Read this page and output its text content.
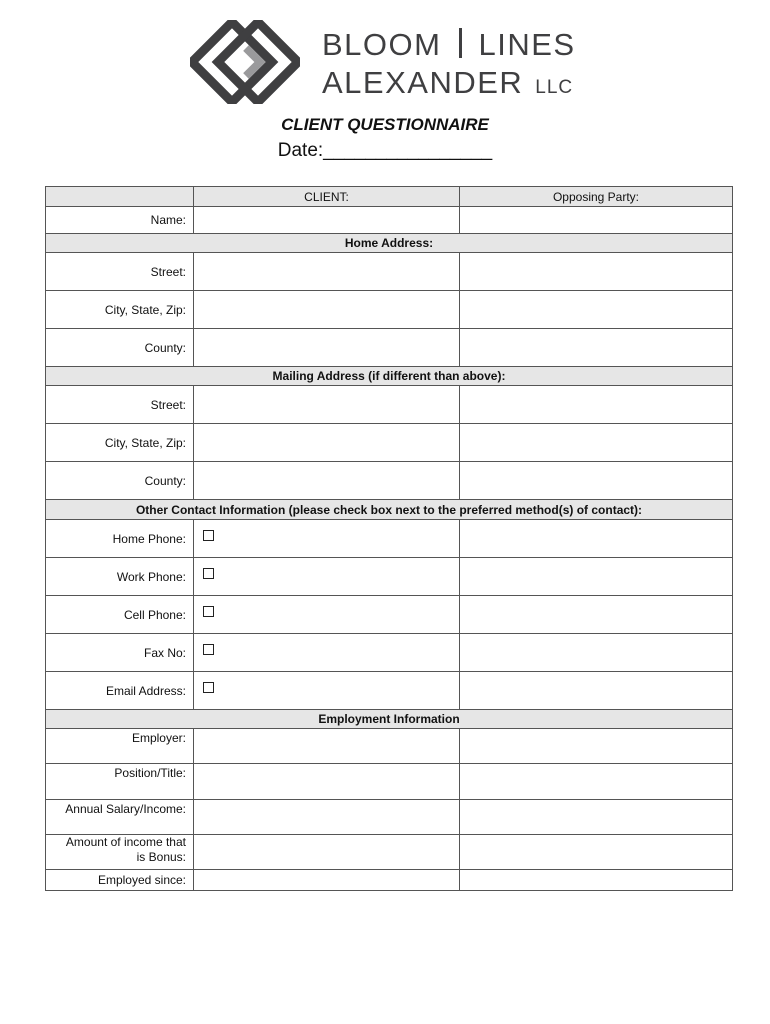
BLOOM LINES
ALEXANDER LLC
CLIENT QUESTIONNAIRE
Date:________________
	CLIENT:	Opposing Party:
Name:		
Home Address:		
Street:		
City, State, Zip:		
County:		
Mailing Address (if different than above):		
Street:		
City, State, Zip:		
County:		
Other Contact Information (please check box next to the preferred method(s) of contact):		
Home Phone:		
Work Phone:		
Cell Phone:		
Fax No:		
Email Address:		
Employment Information		
Employer:		
Position/Title:		
Annual Salary/Income:		

Amount of income that
is Bonus:		

Employed since:		
